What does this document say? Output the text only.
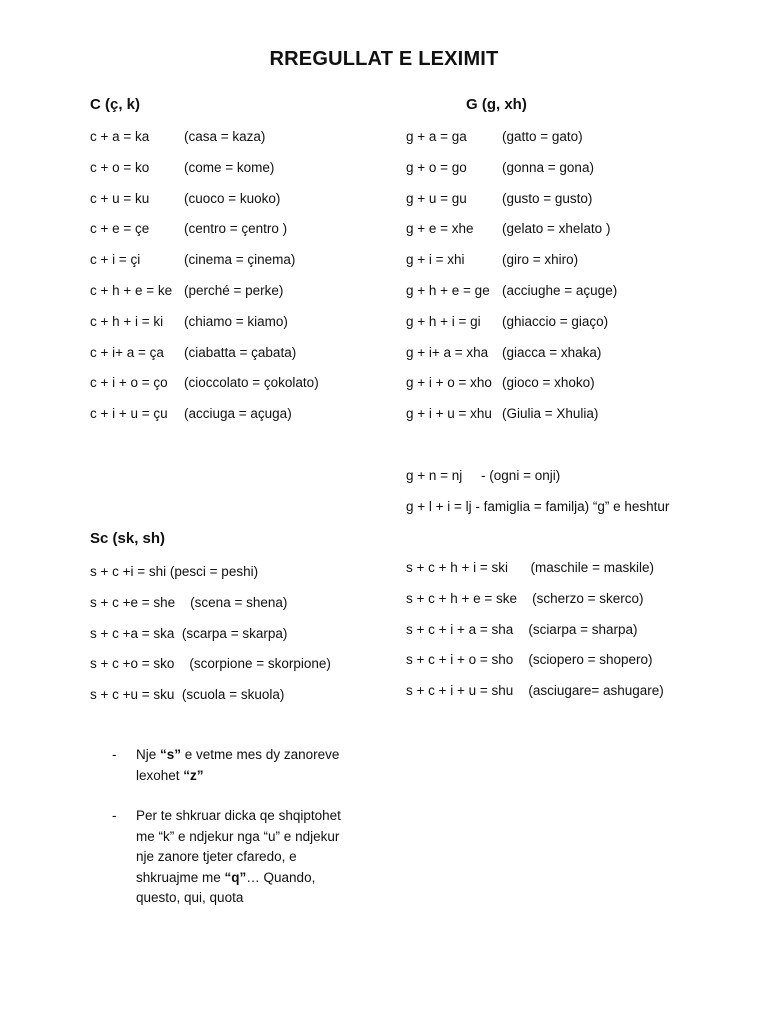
RREGULLAT E LEXIMIT
C (ç, k)
c + a = ka	(casa = kaza)
c + o = ko	(come = kome)
c + u = ku	(cuoco = kuoko)
c + e = çe	(centro = çentro )
c + i = çi	(cinema = çinema)
c + h + e = ke (perché = perke)
c + h + i = ki (chiamo = kiamo)
c + i+ a = ça (ciabatta = çabata)
c + i + o = ço (cioccolato = çokolato)
c + i + u = çu (acciuga = açuga)
G (g, xh)
g + a = ga	(gatto = gato)
g + o = go	(gonna = gona)
g + u = gu	(gusto = gusto)
g + e = xhe (gelato = xhelato )
g + i = xhi	(giro = xhiro)
g + h + e = ge (acciughe = açuge)
g + h + i = gi (ghiaccio = giaço)
g + i+ a = xha (giacca = xhaka)
g + i + o = xho (gioco = xhoko)
g + i + u = xhu (Giulia = Xhulia)
g + n = nj     - (ogni = onji)
g + l + i = lj - famiglia = familja) “g” e heshtur
Sc (sk, sh)
s + c +i = shi (pesci = peshi)
s + c +e = she    (scena = shena)
s + c +a = ska  (scarpa = skarpa)
s + c +o = sko    (scorpione = skorpione)
s + c +u = sku  (scuola = skuola)
s + c + h + i = ski      (maschile = maskile)
s + c + h + e = ske    (scherzo = skerco)
s + c + i + a = sha    (sciarpa = sharpa)
s + c + i + o = sho    (sciopero = shopero)
s + c + i + u = shu    (asciugare= ashugare)
- Nje “s” e vetme mes dy zanoreve lexohet “z”
- Per te shkruar dicka qe shqiptohet me “k” e ndjekur nga “u” e ndjekur nje zanore tjeter cfaredo, e shkruajme me “q”… Quando, questo, qui, quota
